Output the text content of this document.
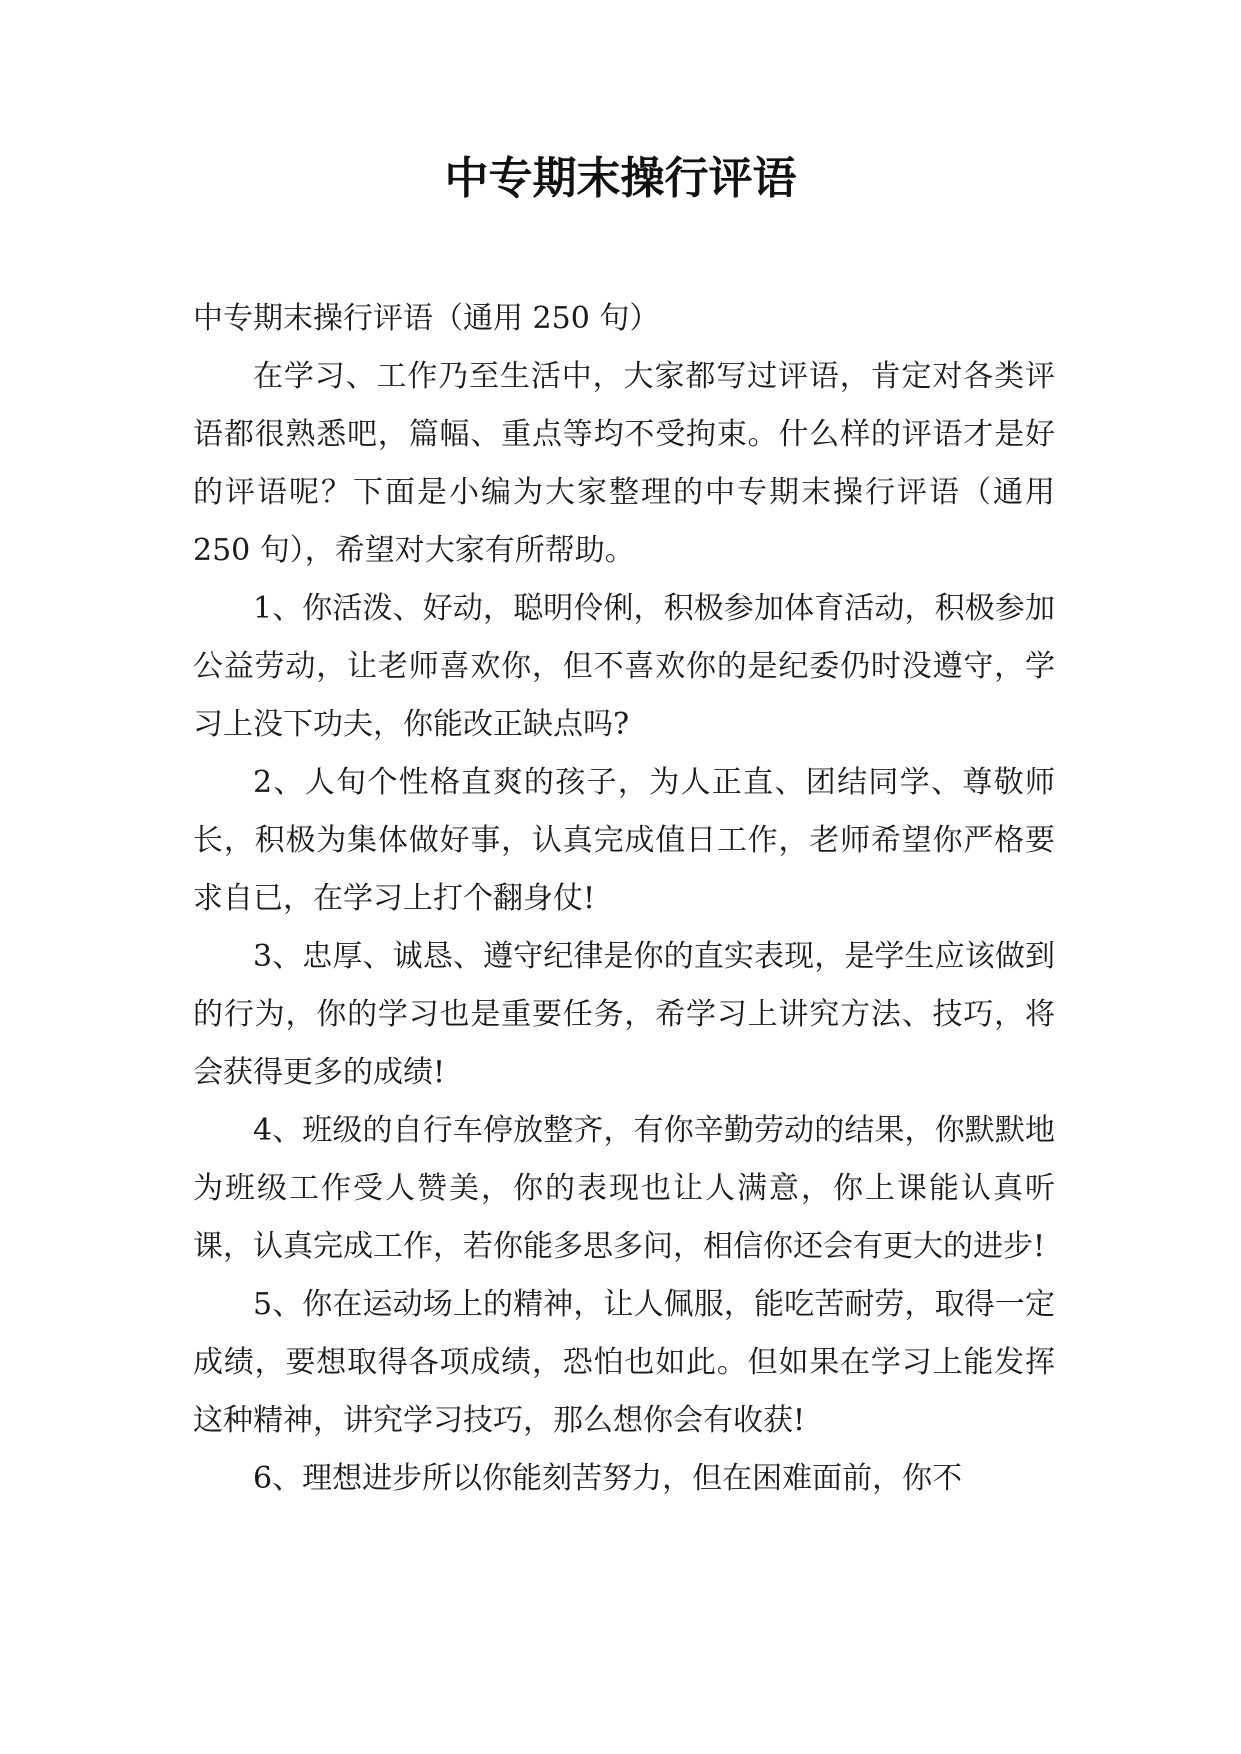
中专期末操行评语

中专期末操行评语（通用 250 句）

在学习、工作乃至生活中，大家都写过评语，肯定对各类评语都很熟悉吧，篇幅、重点等均不受拘束。什么样的评语才是好的评语呢？下面是小编为大家整理的中专期末操行评语（通用 250 句），希望对大家有所帮助。

1、你活泼、好动，聪明伶俐，积极参加体育活动，积极参加公益劳动，让老师喜欢你，但不喜欢你的是纪委仍时没遵守，学习上没下功夫，你能改正缺点吗?

2、人旬个性格直爽的孩子，为人正直、团结同学、尊敬师长，积极为集体做好事，认真完成值日工作，老师希望你严格要求自已，在学习上打个翻身仗!

3、忠厚、诚恳、遵守纪律是你的直实表现，是学生应该做到的行为，你的学习也是重要任务，希学习上讲究方法、技巧，将会获得更多的成绩!

4、班级的自行车停放整齐，有你辛勤劳动的结果，你默默地为班级工作受人赞美，你的表现也让人满意，你上课能认真听课，认真完成工作，若你能多思多问，相信你还会有更大的进步!

5、你在运动场上的精神，让人佩服，能吃苦耐劳，取得一定成绩，要想取得各项成绩，恐怕也如此。但如果在学习上能发挥这种精神，讲究学习技巧，那么想你会有收获!

6、理想进步所以你能刻苦努力，但在困难面前，你不
